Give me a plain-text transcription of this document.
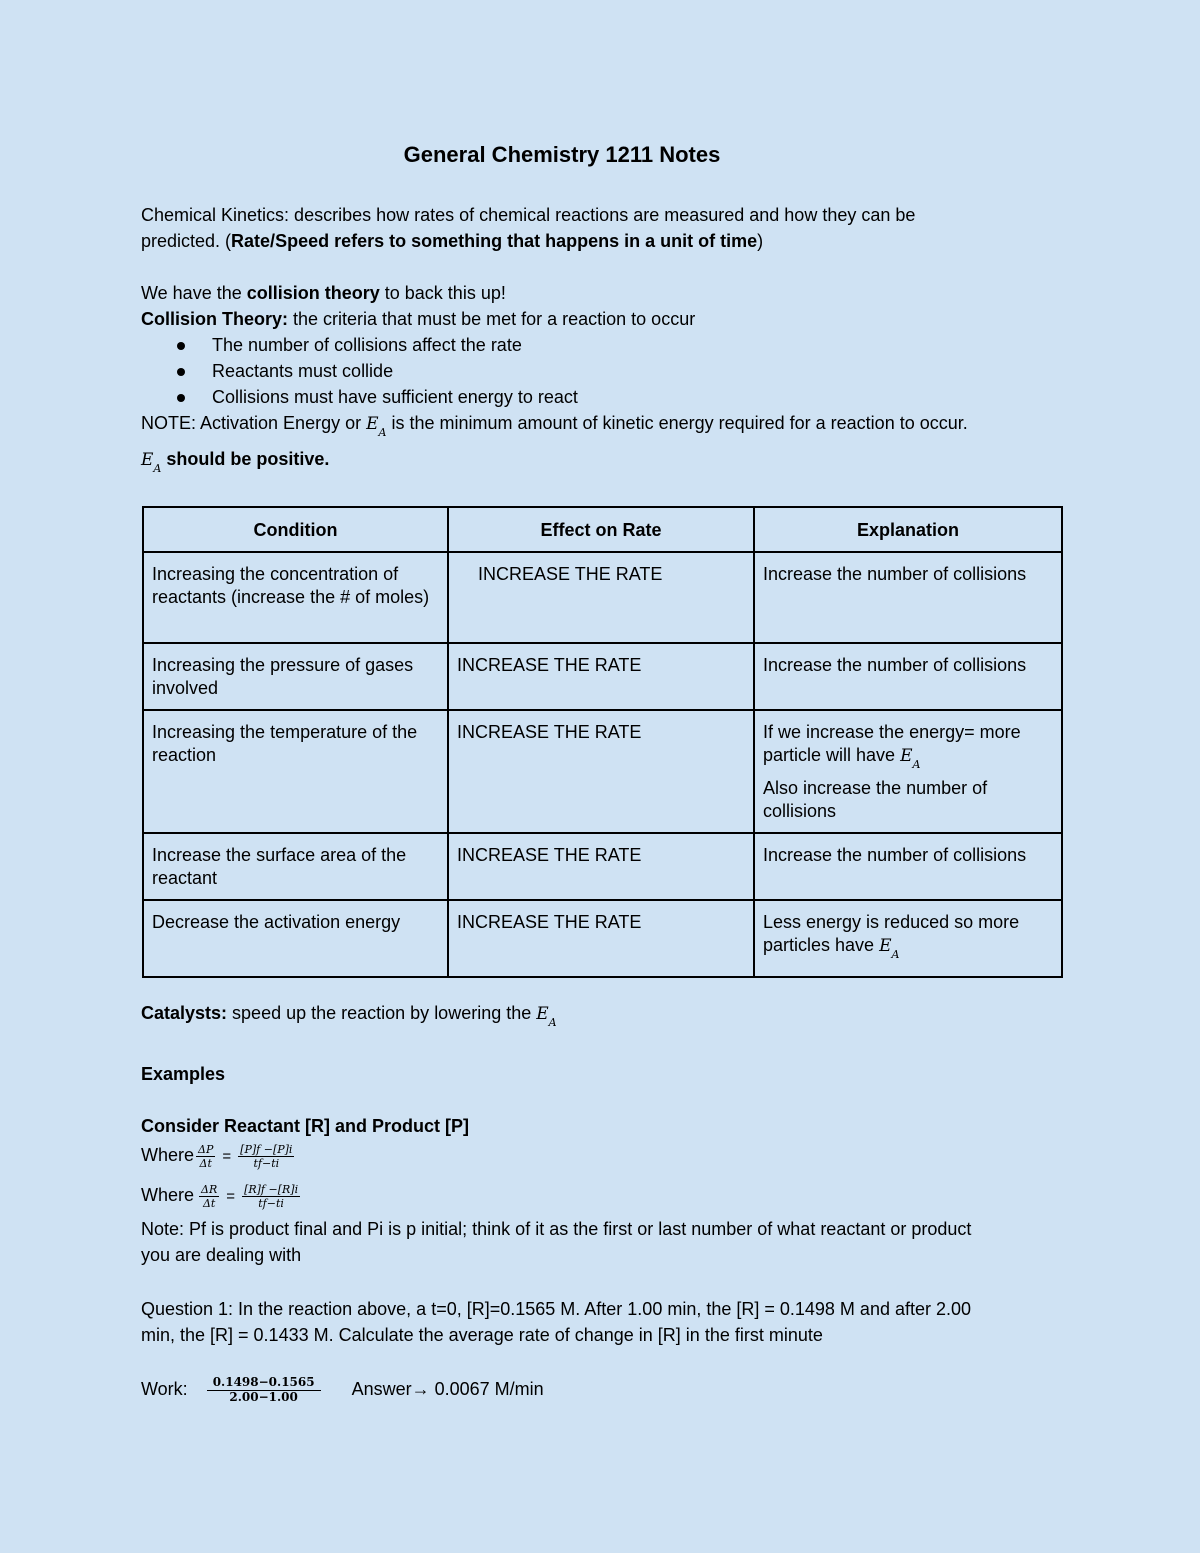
General Chemistry 1211 Notes
Chemical Kinetics: describes how rates of chemical reactions are measured and how they can be
predicted. (Rate/Speed refers to something that happens in a unit of time)
We have the collision theory to back this up!
Collision Theory: the criteria that must be met for a reaction to occur
The number of collisions affect the rate
Reactants must collide
Collisions must have sufficient energy to react
NOTE: Activation Energy or $E_A$ is the minimum amount of kinetic energy required for a reaction to occur.
$E_A$ should be positive.
Condition	Effect on Rate	Explanation
Increasing the concentration of reactants (increase the # of moles)	INCREASE THE RATE	Increase the number of collisions
Increasing the pressure of gases involved	INCREASE THE RATE	Increase the number of collisions
Increasing the temperature of the reaction	INCREASE THE RATE	If we increase the energy= more particle will have $E_A$
Also increase the number of collisions

Increase the surface area of the reactant	INCREASE THE RATE	Increase the number of collisions
Decrease the activation energy	INCREASE THE RATE	Less energy is reduced so more particles have $E_A$
Catalysts: speed up the reaction by lowering the $E_A$
Examples
Consider Reactant [R] and Product [P]
Where $\frac{\Delta P}{\Delta t} = \frac{[P]f -[P]i}{tf-ti}$
Where $\frac{\Delta R}{\Delta t} = \frac{[R]f -[R]i}{tf-ti}$
Note: Pf is product final and Pi is p initial; think of it as the first or last number of what reactant or product
you are dealing with
Question 1: In the reaction above, a t=0, [R]=0.1565 M. After 1.00 min, the [R] = 0.1498 M and after 2.00
min, the [R] = 0.1433 M. Calculate the average rate of change in [R] in the first minute
Work: $\frac{0.1498-0.1565}{2.00-1.00}$ Answer→ 0.0067 M/min
